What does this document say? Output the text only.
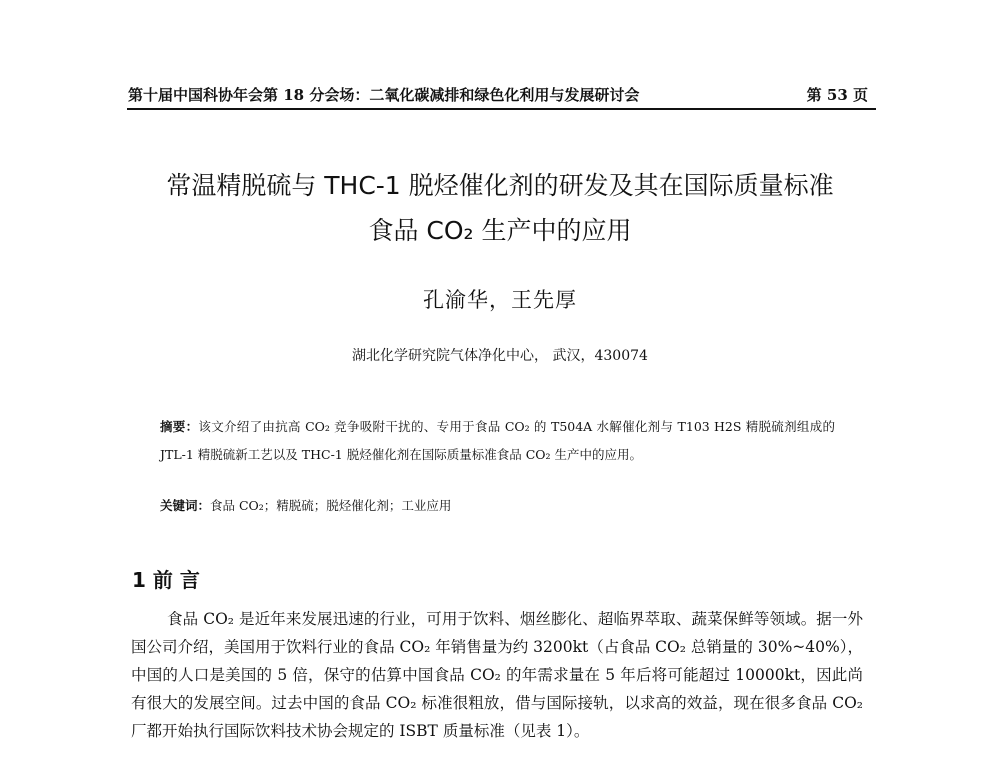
第十届中国科协年会第 18 分会场：二氧化碳减排和绿色化利用与发展研讨会	第 53 页
常温精脱硫与 THC-1 脱烃催化剂的研发及其在国际质量标准
食品 CO₂ 生产中的应用
孔渝华，王先厚
湖北化学研究院气体净化中心， 武汉，430074
摘要：该文介绍了由抗高 CO₂ 竞争吸附干扰的、专用于食品 CO₂ 的 T504A 水解催化剂与 T103 H2S 精脱硫剂组成的 JTL-1 精脱硫新工艺以及 THC-1 脱烃催化剂在国际质量标准食品 CO₂ 生产中的应用。
关键词：食品 CO₂；精脱硫；脱烃催化剂；工业应用
1 前 言
食品 CO₂ 是近年来发展迅速的行业，可用于饮料、烟丝膨化、超临界萃取、蔬菜保鲜等领域。据一外国公司介绍，美国用于饮料行业的食品 CO₂ 年销售量为约 3200kt（占食品 CO₂ 总销量的 30%~40%），中国的人口是美国的 5 倍，保守的估算中国食品 CO₂ 的年需求量在 5 年后将可能超过 10000kt，因此尚有很大的发展空间。过去中国的食品 CO₂ 标准很粗放，借与国际接轨，以求高的效益，现在很多食品 CO₂ 厂都开始执行国际饮料技术协会规定的 ISBT 质量标准（见表 1）。
